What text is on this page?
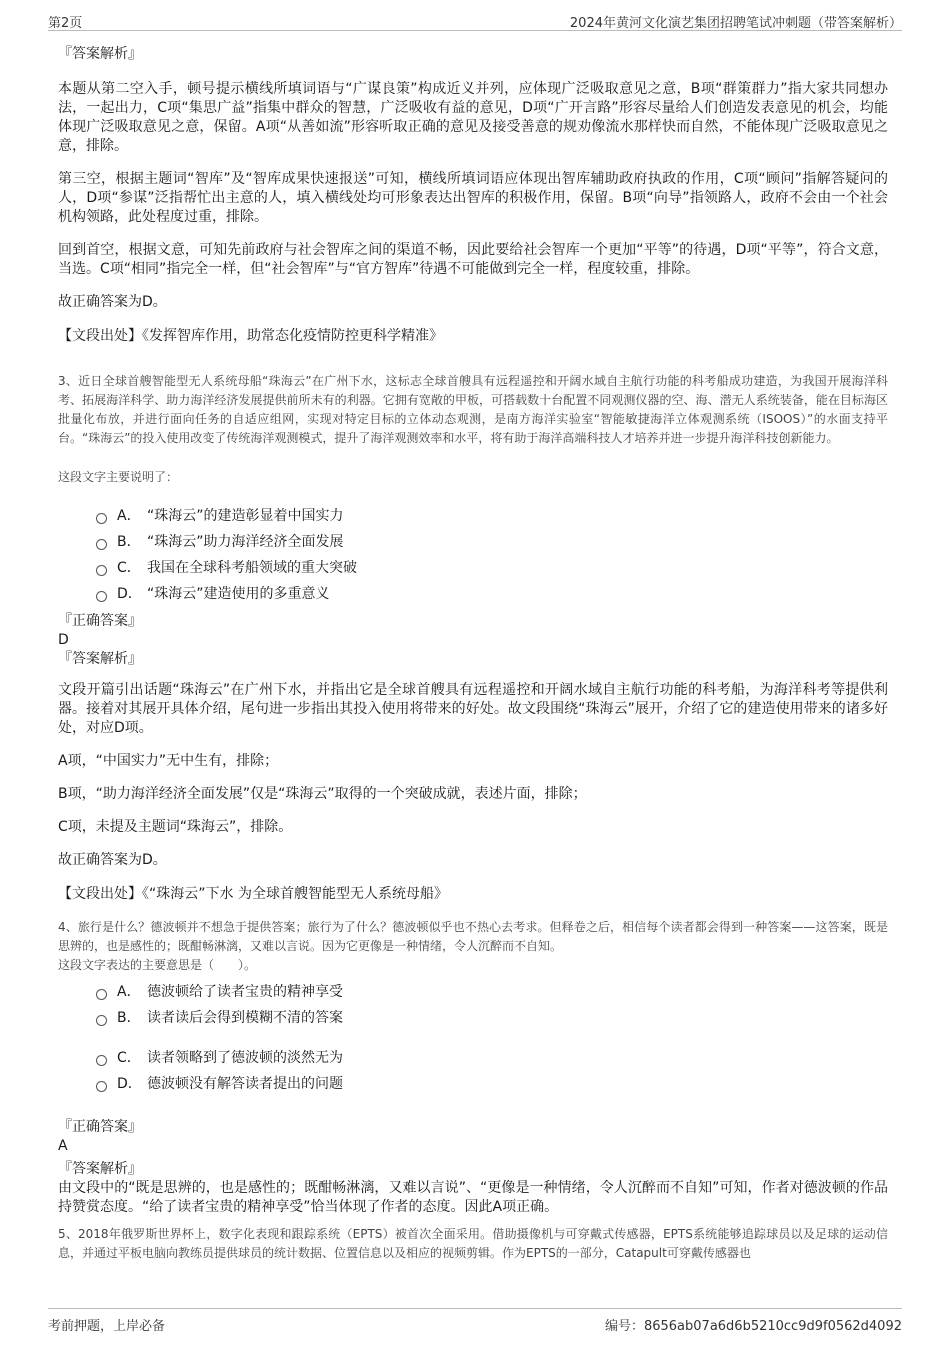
第2页	2024年黄河文化演艺集团招聘笔试冲刺题（带答案解析）

『答案解析』

本题从第二空入手，顿号提示横线所填词语与“广谋良策”构成近义并列，应体现广泛吸取意见之意，B项“群策群力”指大家共同想办法，一起出力，C项“集思广益”指集中群众的智慧，广泛吸收有益的意见，D项“广开言路”形容尽量给人们创造发表意见的机会，均能体现广泛吸取意见之意，保留。A项“从善如流”形容听取正确的意见及接受善意的规劝像流水那样快而自然，不能体现广泛吸取意见之意，排除。

第三空，根据主题词“智库”及“智库成果快速报送”可知，横线所填词语应体现出智库辅助政府执政的作用，C项“顾问”指解答疑问的人，D项“参谋”泛指帮忙出主意的人，填入横线处均可形象表达出智库的积极作用，保留。B项“向导”指领路人，政府不会由一个社会机构领路，此处程度过重，排除。

回到首空，根据文意，可知先前政府与社会智库之间的渠道不畅，因此要给社会智库一个更加“平等”的待遇，D项“平等”，符合文意，当选。C项“相同”指完全一样，但“社会智库”与“官方智库”待遇不可能做到完全一样，程度较重，排除。

故正确答案为D。

【文段出处】《发挥智库作用，助常态化疫情防控更科学精准》

3、近日全球首艘智能型无人系统母船“珠海云”在广州下水，这标志全球首艘具有远程遥控和开阔水域自主航行功能的科考船成功建造，为我国开展海洋科考、拓展海洋科学、助力海洋经济发展提供前所未有的利器。它拥有宽敞的甲板，可搭载数十台配置不同观测仪器的空、海、潜无人系统装备，能在目标海区批量化布放，并进行面向任务的自适应组网，实现对特定目标的立体动态观测，是南方海洋实验室“智能敏捷海洋立体观测系统（ISOOS）”的水面支持平台。“珠海云”的投入使用改变了传统海洋观测模式，提升了海洋观测效率和水平，将有助于海洋高端科技人才培养并进一步提升海洋科技创新能力。

这段文字主要说明了：

A． “珠海云”的建造彰显着中国实力
B． “珠海云”助力海洋经济全面发展
C． 我国在全球科考船领域的重大突破
D． “珠海云”建造使用的多重意义

『正确答案』

D

『答案解析』

文段开篇引出话题“珠海云”在广州下水，并指出它是全球首艘具有远程遥控和开阔水域自主航行功能的科考船，为海洋科考等提供利器。接着对其展开具体介绍，尾句进一步指出其投入使用将带来的好处。故文段围绕“珠海云”展开，介绍了它的建造使用带来的诸多好处，对应D项。

A项，“中国实力”无中生有，排除；

B项，“助力海洋经济全面发展”仅是“珠海云”取得的一个突破成就，表述片面，排除；

C项，未提及主题词“珠海云”，排除。

故正确答案为D。

【文段出处】《“珠海云”下水 为全球首艘智能型无人系统母船》

4、旅行是什么？德波顿并不想急于提供答案；旅行为了什么？德波顿似乎也不热心去考求。但释卷之后，相信每个读者都会得到一种答案——这答案，既是思辨的，也是感性的；既酣畅淋漓，又难以言说。因为它更像是一种情绪，令人沉醉而不自知。

这段文字表达的主要意思是（　　）。

A． 德波顿给了读者宝贵的精神享受
B． 读者读后会得到模糊不清的答案
C． 读者领略到了德波顿的淡然无为
D． 德波顿没有解答读者提出的问题

『正确答案』

A

『答案解析』

由文段中的“既是思辨的，也是感性的；既酣畅淋漓，又难以言说”、“更像是一种情绪，令人沉醉而不自知”可知，作者对德波顿的作品持赞赏态度。“给了读者宝贵的精神享受”恰当体现了作者的态度。因此A项正确。

5、2018年俄罗斯世界杯上，数字化表现和跟踪系统（EPTS）被首次全面采用。借助摄像机与可穿戴式传感器，EPTS系统能够追踪球员以及足球的运动信息，并通过平板电脑向教练员提供球员的统计数据、位置信息以及相应的视频剪辑。作为EPTS的一部分，Catapult可穿戴传感器也

考前押题，上岸必备	编号：8656ab07a6d6b5210cc9d9f0562d4092
